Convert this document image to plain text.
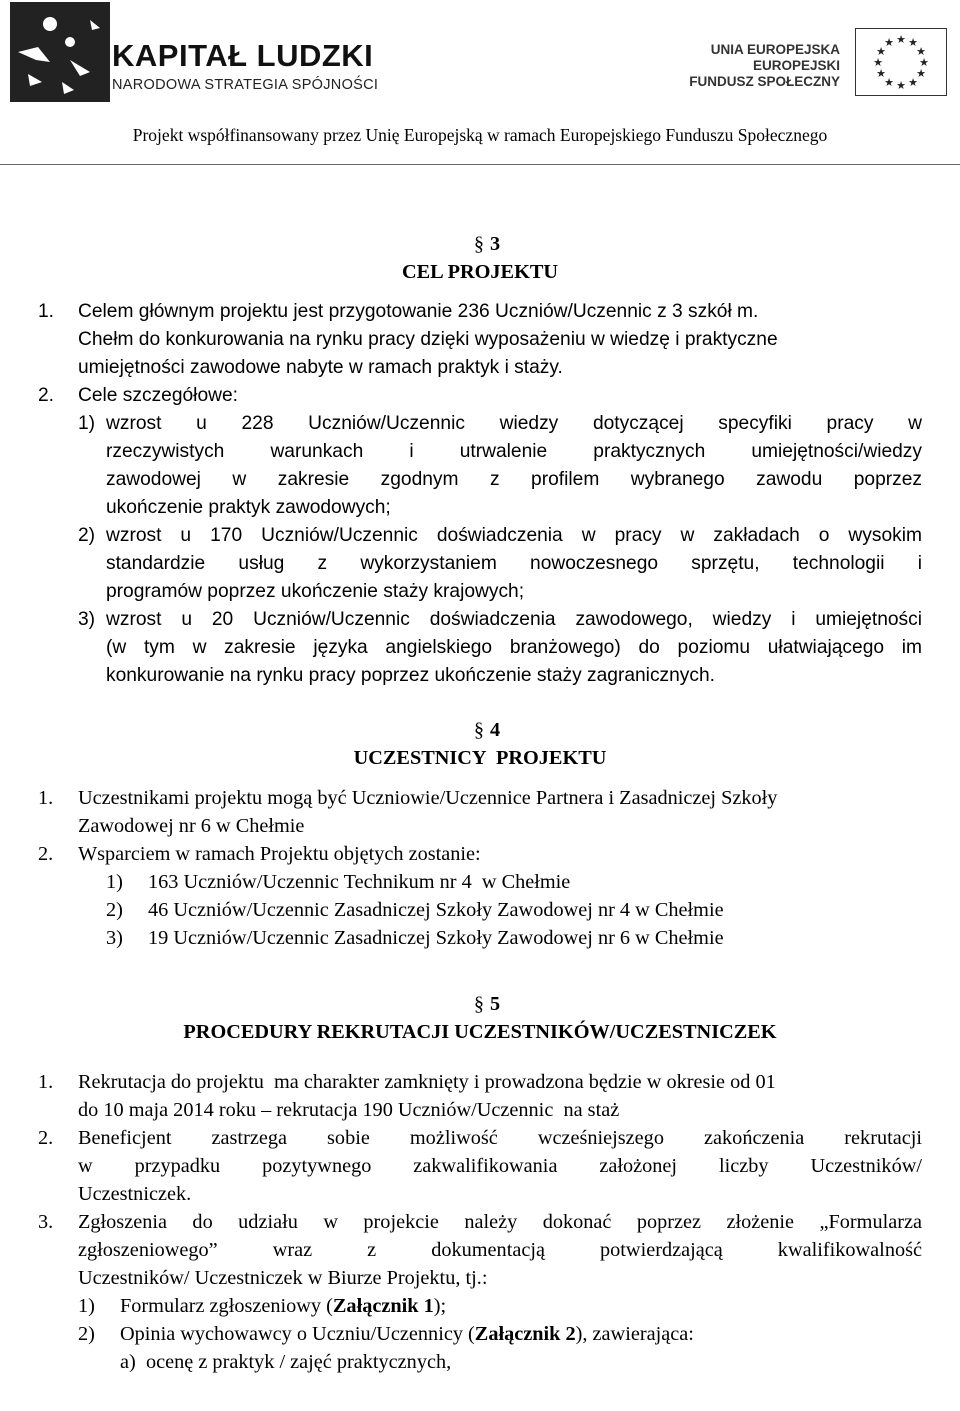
KAPITAŁ LUDZKI
NARODOWA STRATEGIA SPÓJNOŚCI
UNIA EUROPEJSKA
EUROPEJSKI
FUNDUSZ SPOŁECZNY
★ ★
★
★
★
★
★
★
★
★
★
★
Projekt współfinansowany przez Unię Europejską w ramach Europejskiego Funduszu Społecznego
§ 3
CEL PROJEKTU
1. Celem głównym projektu jest przygotowanie 236 Uczniów/Uczennic z 3 szkół m.
Chełm do konkurowania na rynku pracy dzięki wyposażeniu w wiedzę i praktyczne
umiejętności zawodowe nabyte w ramach praktyk i staży.
2. Cele szczegółowe:
1) wzrost u 228 Uczniów/Uczennic wiedzy dotyczącej specyfiki pracy w
rzeczywistych warunkach i utrwalenie praktycznych umiejętności/wiedzy
zawodowej w zakresie zgodnym z profilem wybranego zawodu poprzez
ukończenie praktyk zawodowych;
2) wzrost u 170 Uczniów/Uczennic doświadczenia w pracy w zakładach o wysokim
standardzie usług z wykorzystaniem nowoczesnego sprzętu, technologii i
programów poprzez ukończenie staży krajowych;
3) wzrost u 20 Uczniów/Uczennic doświadczenia zawodowego, wiedzy i umiejętności
(w tym w zakresie języka angielskiego branżowego) do poziomu ułatwiającego im
konkurowanie na rynku pracy poprzez ukończenie staży zagranicznych.
§ 4
UCZESTNICY  PROJEKTU
1. Uczestnikami projektu mogą być Uczniowie/Uczennice Partnera i Zasadniczej Szkoły
Zawodowej nr 6 w Chełmie
2. Wsparciem w ramach Projektu objętych zostanie:
1) 163 Uczniów/Uczennic Technikum nr 4  w Chełmie
2) 46 Uczniów/Uczennic Zasadniczej Szkoły Zawodowej nr 4 w Chełmie
3) 19 Uczniów/Uczennic Zasadniczej Szkoły Zawodowej nr 6 w Chełmie
§ 5
PROCEDURY REKRUTACJI UCZESTNIKÓW/UCZESTNICZEK
1. Rekrutacja do projektu  ma charakter zamknięty i prowadzona będzie w okresie od 01
do 10 maja 2014 roku – rekrutacja 190 Uczniów/Uczennic  na staż
2. Beneficjent zastrzega sobie możliwość wcześniejszego zakończenia rekrutacji
w przypadku pozytywnego zakwalifikowania założonej liczby Uczestników/
Uczestniczek.
3. Zgłoszenia do udziału w projekcie należy dokonać poprzez złożenie „Formularza
zgłoszeniowego” wraz z dokumentacją potwierdzającą kwalifikowalność
Uczestników/ Uczestniczek w Biurze Projektu, tj.:
1) Formularz zgłoszeniowy (Załącznik 1);
2) Opinia wychowawcy o Uczniu/Uczennicy (Załącznik 2), zawierająca:
a) ocenę z praktyk / zajęć praktycznych,
